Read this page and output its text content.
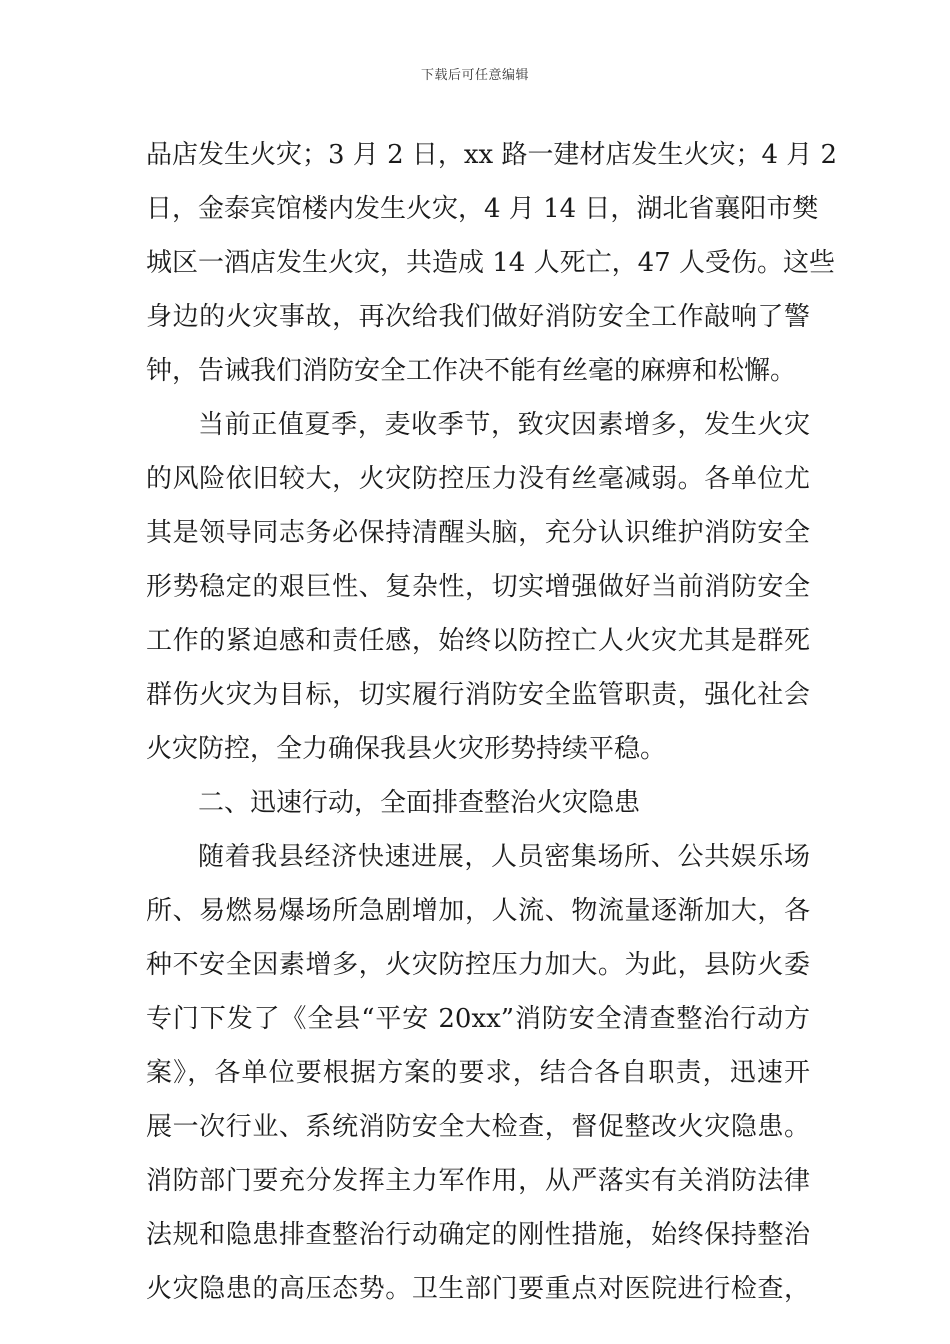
下载后可任意编辑
品店发生火灾；3 月 2 日，xx 路一建材店发生火灾；4 月 2
日，金泰宾馆楼内发生火灾，4 月 14 日，湖北省襄阳市樊
城区一酒店发生火灾，共造成 14 人死亡，47 人受伤。这些
身边的火灾事故，再次给我们做好消防安全工作敲响了警
钟，告诫我们消防安全工作决不能有丝毫的麻痹和松懈。
当前正值夏季，麦收季节，致灾因素增多，发生火灾
的风险依旧较大，火灾防控压力没有丝毫减弱。各单位尤
其是领导同志务必保持清醒头脑，充分认识维护消防安全
形势稳定的艰巨性、复杂性，切实增强做好当前消防安全
工作的紧迫感和责任感，始终以防控亡人火灾尤其是群死
群伤火灾为目标，切实履行消防安全监管职责，强化社会
火灾防控，全力确保我县火灾形势持续平稳。
二、迅速行动，全面排查整治火灾隐患
随着我县经济快速进展，人员密集场所、公共娱乐场
所、易燃易爆场所急剧增加，人流、物流量逐渐加大，各
种不安全因素增多，火灾防控压力加大。为此，县防火委
专门下发了《全县“平安 20xx”消防安全清查整治行动方
案》，各单位要根据方案的要求，结合各自职责，迅速开
展一次行业、系统消防安全大检查，督促整改火灾隐患。
消防部门要充分发挥主力军作用，从严落实有关消防法律
法规和隐患排查整治行动确定的刚性措施，始终保持整治
火灾隐患的高压态势。卫生部门要重点对医院进行检查，
